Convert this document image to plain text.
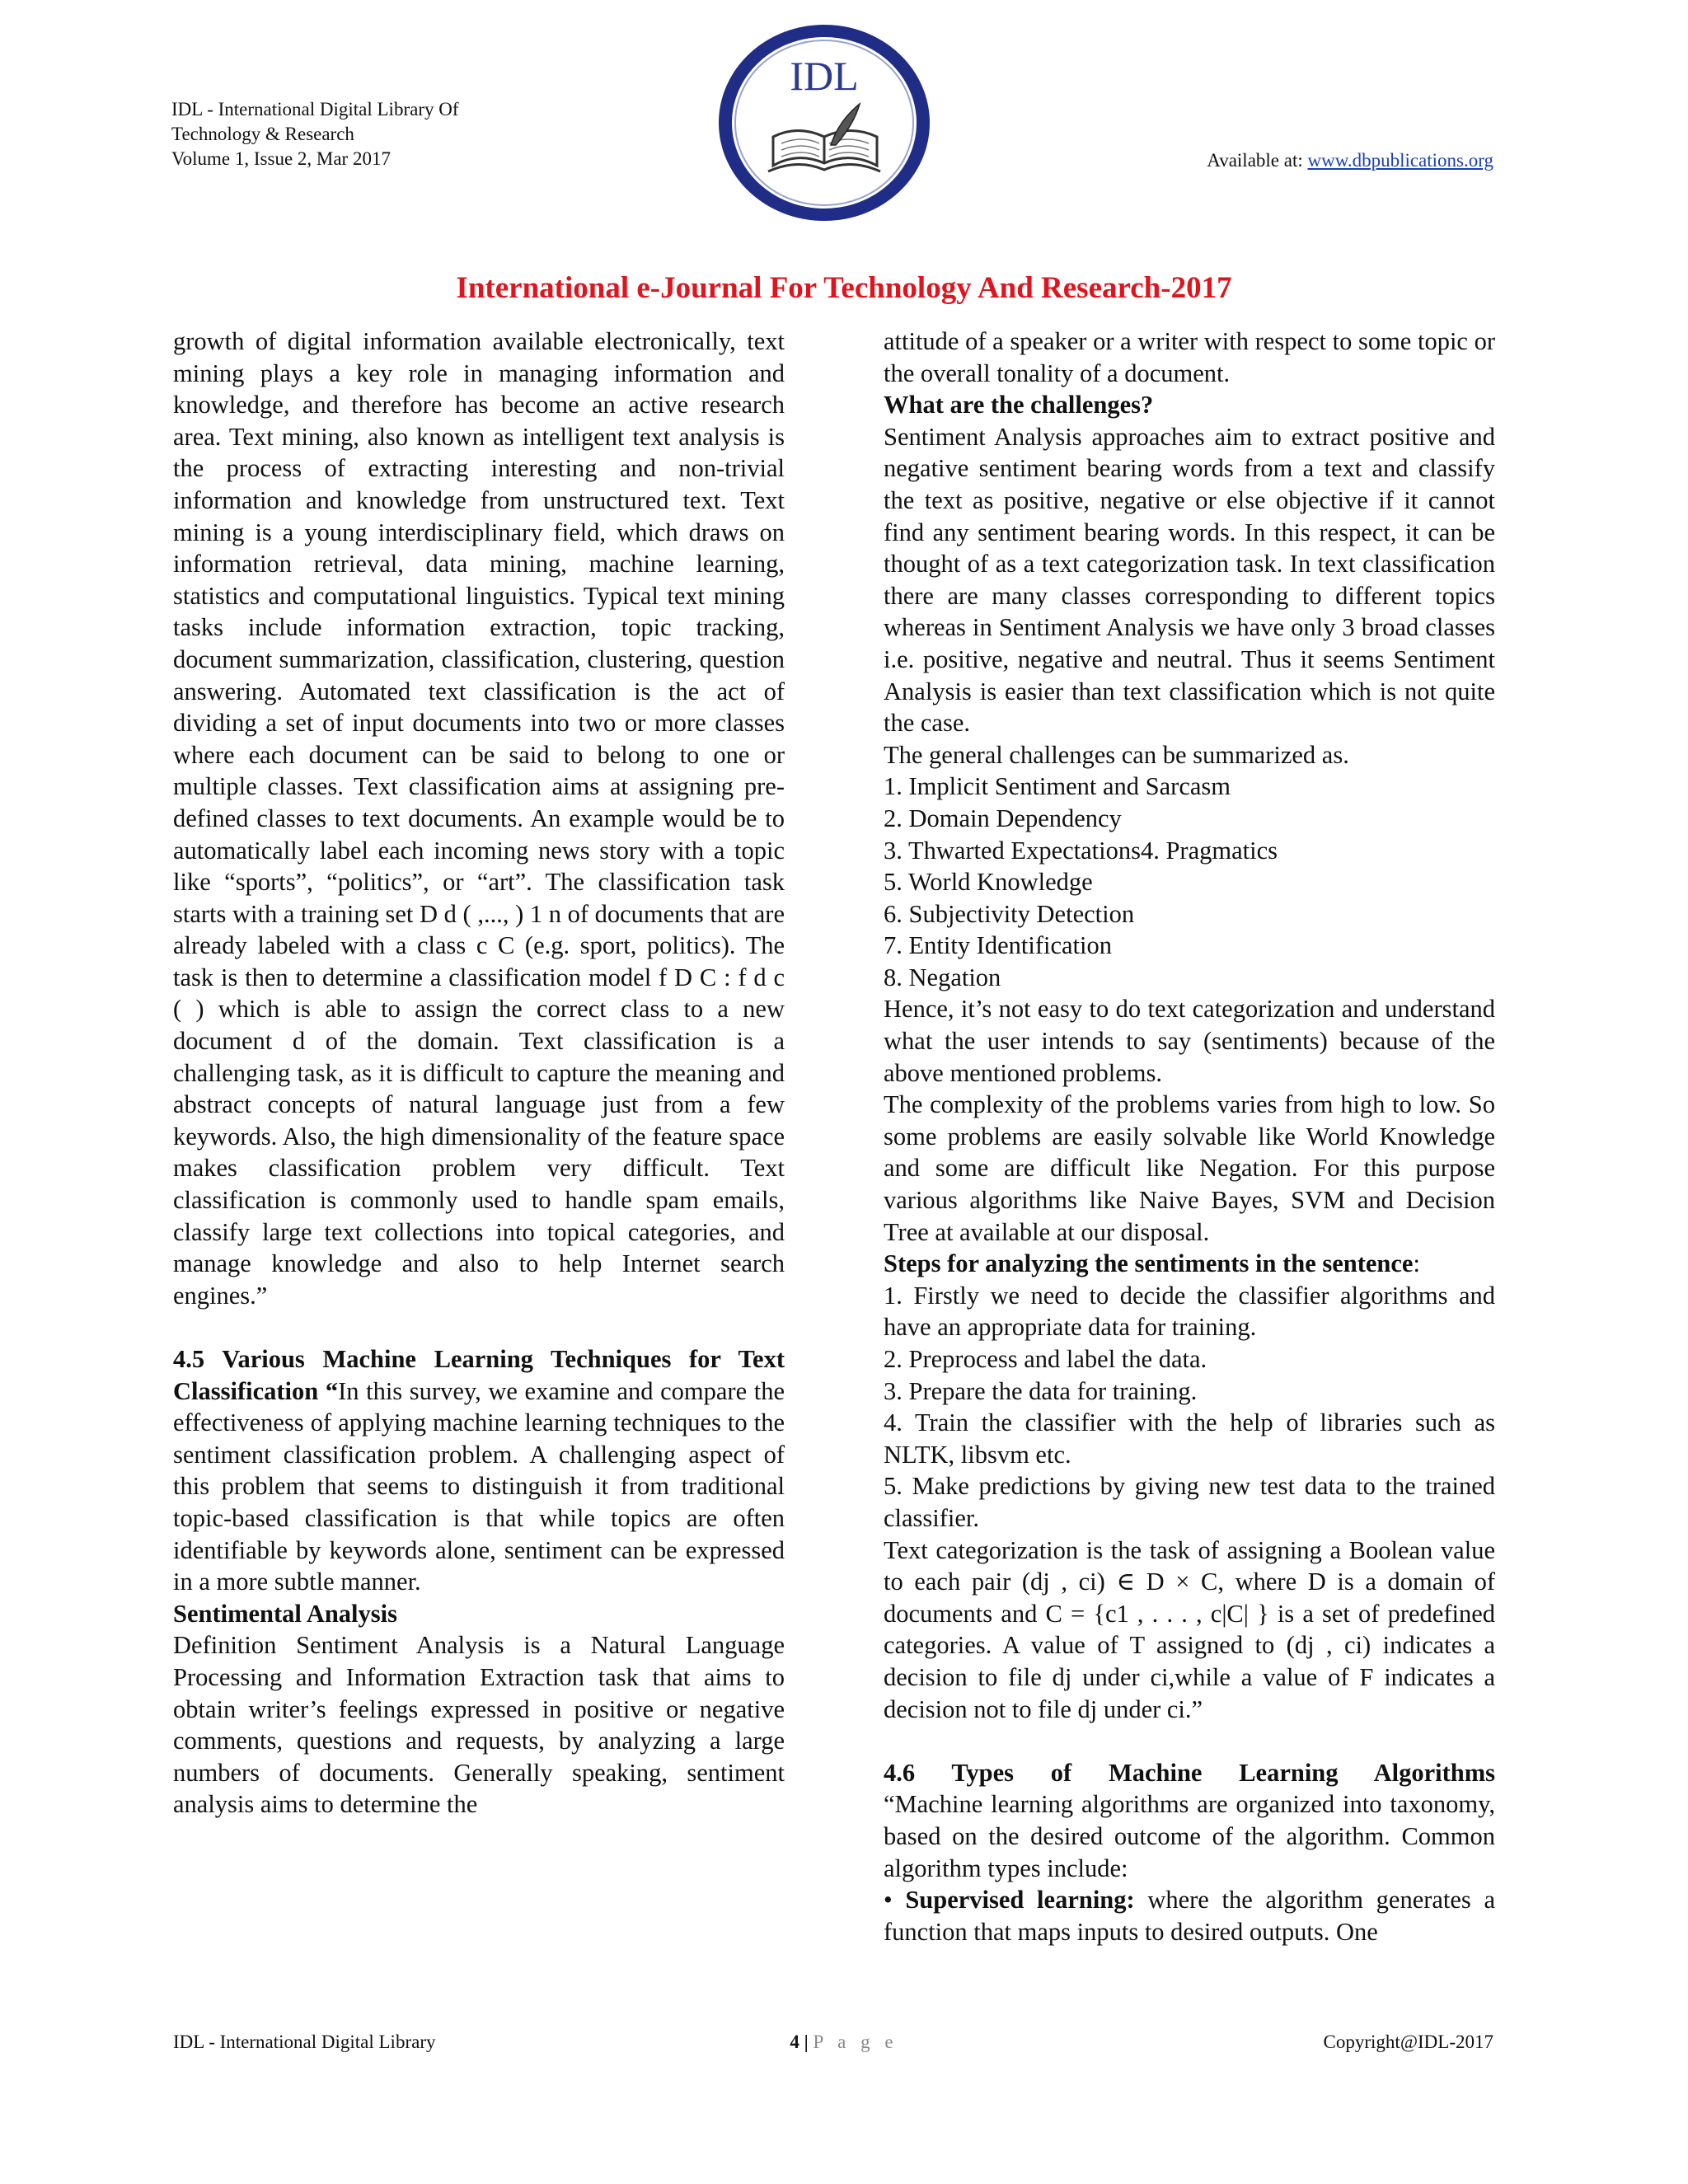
IDL - International Digital Library Of
Technology & Research
Volume 1, Issue 2, Mar 2017
IDL
Available at: www.dbpublications.org
International e-Journal For Technology And Research-2017

growth of digital information available electronically, text mining plays a key role in managing information and knowledge, and therefore has become an active research area. Text mining, also known as intelligent text analysis is the process of extracting interesting and non-trivial information and knowledge from unstructured text. Text mining is a young interdisciplinary field, which draws on information retrieval, data mining, machine learning, statistics and computational linguistics. Typical text mining tasks include information extraction, topic tracking, document summarization, classification, clustering, question answering. Automated text classification is the act of dividing a set of input documents into two or more classes where each document can be said to belong to one or multiple classes. Text classification aims at assigning pre-defined classes to text documents. An example would be to automatically label each incoming news story with a topic like “sports”, “politics”, or “art”. The classification task starts with a training set D d ( ,..., ) 1 n of documents that are already labeled with a class c C (e.g. sport, politics). The task is then to determine a classification model f D C : f d c ( ) which is able to assign the correct class to a new document d of the domain. Text classification is a challenging task, as it is difficult to capture the meaning and abstract concepts of natural language just from a few keywords. Also, the high dimensionality of the feature space makes classification problem very difficult. Text classification is commonly used to handle spam emails, classify large text collections into topical categories, and manage knowledge and also to help Internet search engines.”

4.5 Various Machine Learning Techniques for Text Classification “In this survey, we examine and compare the effectiveness of applying machine learning techniques to the sentiment classification problem. A challenging aspect of this problem that seems to distinguish it from traditional topic-based classification is that while topics are often identifiable by keywords alone, sentiment can be expressed in a more subtle manner.

Sentimental Analysis

Definition Sentiment Analysis is a Natural Language Processing and Information Extraction task that aims to obtain writer’s feelings expressed in positive or negative comments, questions and requests, by analyzing a large numbers of documents. Generally speaking, sentiment analysis aims to determine the

attitude of a speaker or a writer with respect to some topic or the overall tonality of a document.

What are the challenges?

Sentiment Analysis approaches aim to extract positive and negative sentiment bearing words from a text and classify the text as positive, negative or else objective if it cannot find any sentiment bearing words. In this respect, it can be thought of as a text categorization task. In text classification there are many classes corresponding to different topics whereas in Sentiment Analysis we have only 3 broad classes i.e. positive, negative and neutral. Thus it seems Sentiment Analysis is easier than text classification which is not quite the case.

The general challenges can be summarized as.

1. Implicit Sentiment and Sarcasm

2. Domain Dependency

3. Thwarted Expectations4. Pragmatics

5. World Knowledge

6. Subjectivity Detection

7. Entity Identification

8. Negation

Hence, it’s not easy to do text categorization and understand what the user intends to say (sentiments) because of the above mentioned problems.

The complexity of the problems varies from high to low. So some problems are easily solvable like World Knowledge and some are difficult like Negation. For this purpose various algorithms like Naive Bayes, SVM and Decision Tree at available at our disposal.

Steps for analyzing the sentiments in the sentence:

1. Firstly we need to decide the classifier algorithms and have an appropriate data for training.

2. Preprocess and label the data.

3. Prepare the data for training.

4. Train the classifier with the help of libraries such as NLTK, libsvm etc.

5. Make predictions by giving new test data to the trained classifier.

Text categorization is the task of assigning a Boolean value to each pair (dj , ci) ∈ D × C, where D is a domain of documents and C = {c1 , . . . , c|C| } is a set of predefined categories. A value of T assigned to (dj , ci) indicates a decision to file dj under ci,while a value of F indicates a decision not to file dj under ci.”

4.6 Types of Machine Learning Algorithms

“Machine learning algorithms are organized into taxonomy, based on the desired outcome of the algorithm. Common algorithm types include:

• Supervised learning: where the algorithm generates a function that maps inputs to desired outputs. One

IDL - International Digital Library	4 | P a g e	Copyright@IDL-2017
